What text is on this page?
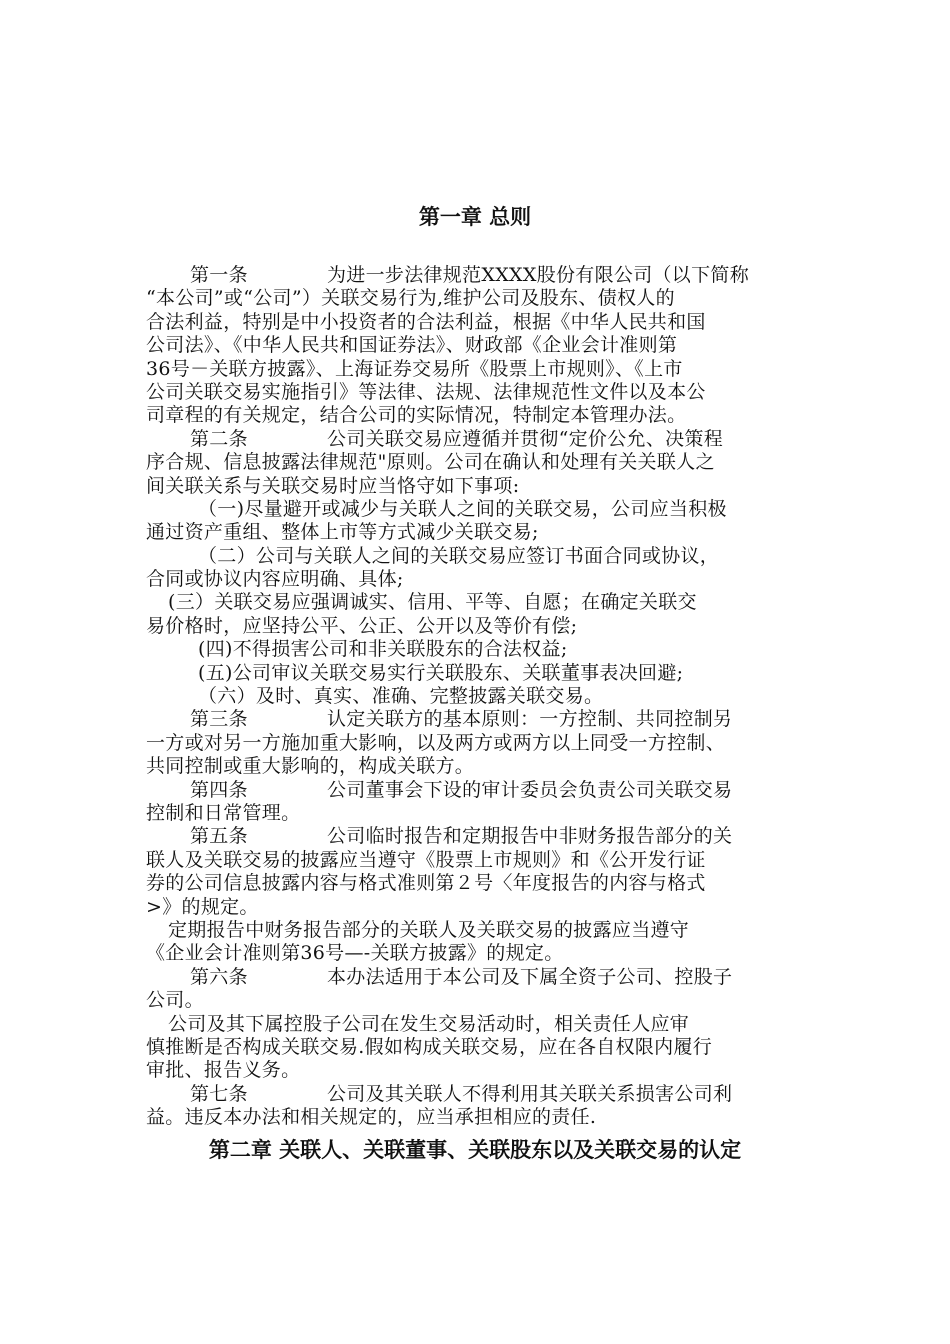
第一章 总则
第一条	为进一步法律规范XXXX股份有限公司（以下简称
“本公司”或“公司”）关联交易行为,维护公司及股东、债权人的
合法利益，特别是中小投资者的合法利益，根据《中华人民共和国
公司法》、《中华人民共和国证券法》、财政部《企业会计准则第
36号－关联方披露》、上海证券交易所《股票上市规则》、《上市
公司关联交易实施指引》等法律、法规、法律规范性文件以及本公
司章程的有关规定，结合公司的实际情况，特制定本管理办法。
第二条	公司关联交易应遵循并贯彻“定价公允、决策程
序合规、信息披露法律规范"原则。公司在确认和处理有关关联人之
间关联关系与关联交易时应当恪守如下事项:
（一)尽量避开或减少与关联人之间的关联交易，公司应当积极
通过资产重组、整体上市等方式减少关联交易;
（二）公司与关联人之间的关联交易应签订书面合同或协议，
合同或协议内容应明确、具体;
(三）关联交易应强调诚实、信用、平等、自愿；在确定关联交
易价格时，应坚持公平、公正、公开以及等价有偿;
(四)不得损害公司和非关联股东的合法权益;
(五)公司审议关联交易实行关联股东、关联董事表决回避;
（六）及时、真实、准确、完整披露关联交易。
第三条	认定关联方的基本原则：一方控制、共同控制另
一方或对另一方施加重大影响，以及两方或两方以上同受一方控制、
共同控制或重大影响的，构成关联方。
第四条	公司董事会下设的审计委员会负责公司关联交易
控制和日常管理。
第五条	公司临时报告和定期报告中非财务报告部分的关
联人及关联交易的披露应当遵守《股票上市规则》和《公开发行证
券的公司信息披露内容与格式准则第２号〈年度报告的内容与格式
>》的规定。
定期报告中财务报告部分的关联人及关联交易的披露应当遵守
《企业会计准则第36号—-关联方披露》的规定。
第六条	本办法适用于本公司及下属全资子公司、控股子
公司。
公司及其下属控股子公司在发生交易活动时，相关责任人应审
慎推断是否构成关联交易.假如构成关联交易，应在各自权限内履行
审批、报告义务。
第七条	公司及其关联人不得利用其关联关系损害公司利
益。违反本办法和相关规定的，应当承担相应的责任.
第二章 关联人、关联董事、关联股东以及关联交易的认定
